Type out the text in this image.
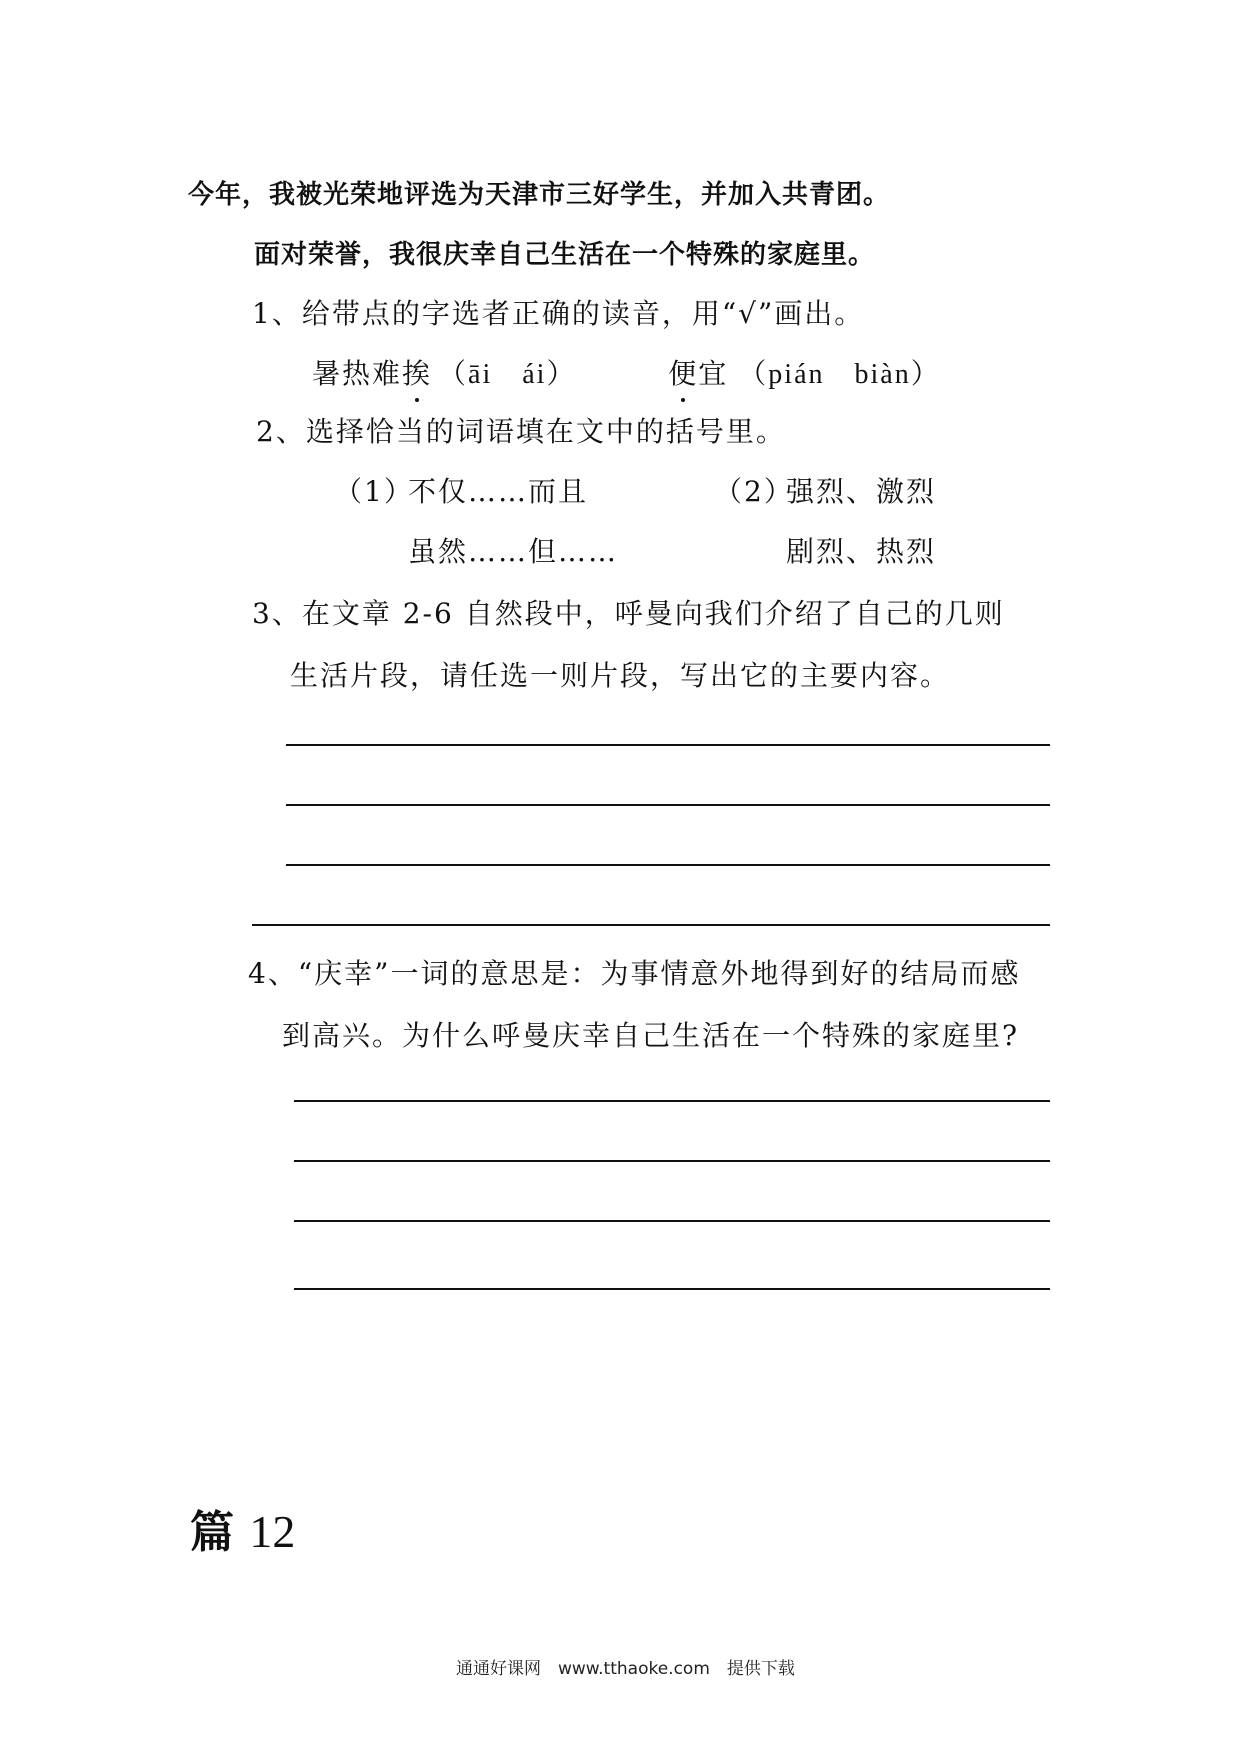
今年，我被光荣地评选为天津市三好学生，并加入共青团。
面对荣誉，我很庆幸自己生活在一个特殊的家庭里。
1、给带点的字选者正确的读音，用“√”画出。
暑热难挨 （āi　ái）	便宜 （pián　biàn）
2、选择恰当的词语填在文中的括号里。
（1）
不仅……而且
虽然……但……
（2）
强烈、激烈
剧烈、热烈
3、在文章 2-6 自然段中，呼曼向我们介绍了自己的几则
生活片段，请任选一则片段，写出它的主要内容。
4、“庆幸”一词的意思是：为事情意外地得到好的结局而感
到高兴。为什么呼曼庆幸自己生活在一个特殊的家庭里?
篇 12
通通好课网　www.tthaoke.com　提供下载
